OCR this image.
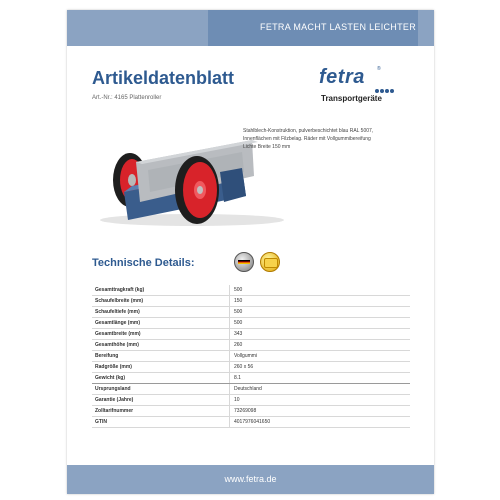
FETRA MACHT LASTEN LEICHTER
Artikeldatenblatt
Art.-Nr.: 4165 Plattenroller
fetra ®
Transportgeräte
Stahlblech-Konstruktion, pulverbeschichtet blau RAL 5007,
Innenflächen mit Filzbelag. Räder mit Vollgummibereifung
Lichte Breite 150 mm
Technische Details:
Gesamttragkraft (kg)	500
Schaufelbreite (mm)	150
Schaufeltiefe (mm)	500
Gesamtlänge (mm)	500
Gesamtbreite (mm)	343
Gesamthöhe (mm)	260
Bereifung	Vollgummi
Radgröße (mm)	260 x 56
Gewicht (kg)	8.1
Ursprungsland	Deutschland
Garantie (Jahre)	10
Zolltarifnummer	73269098
GTIN	4017976041650
www.fetra.de
